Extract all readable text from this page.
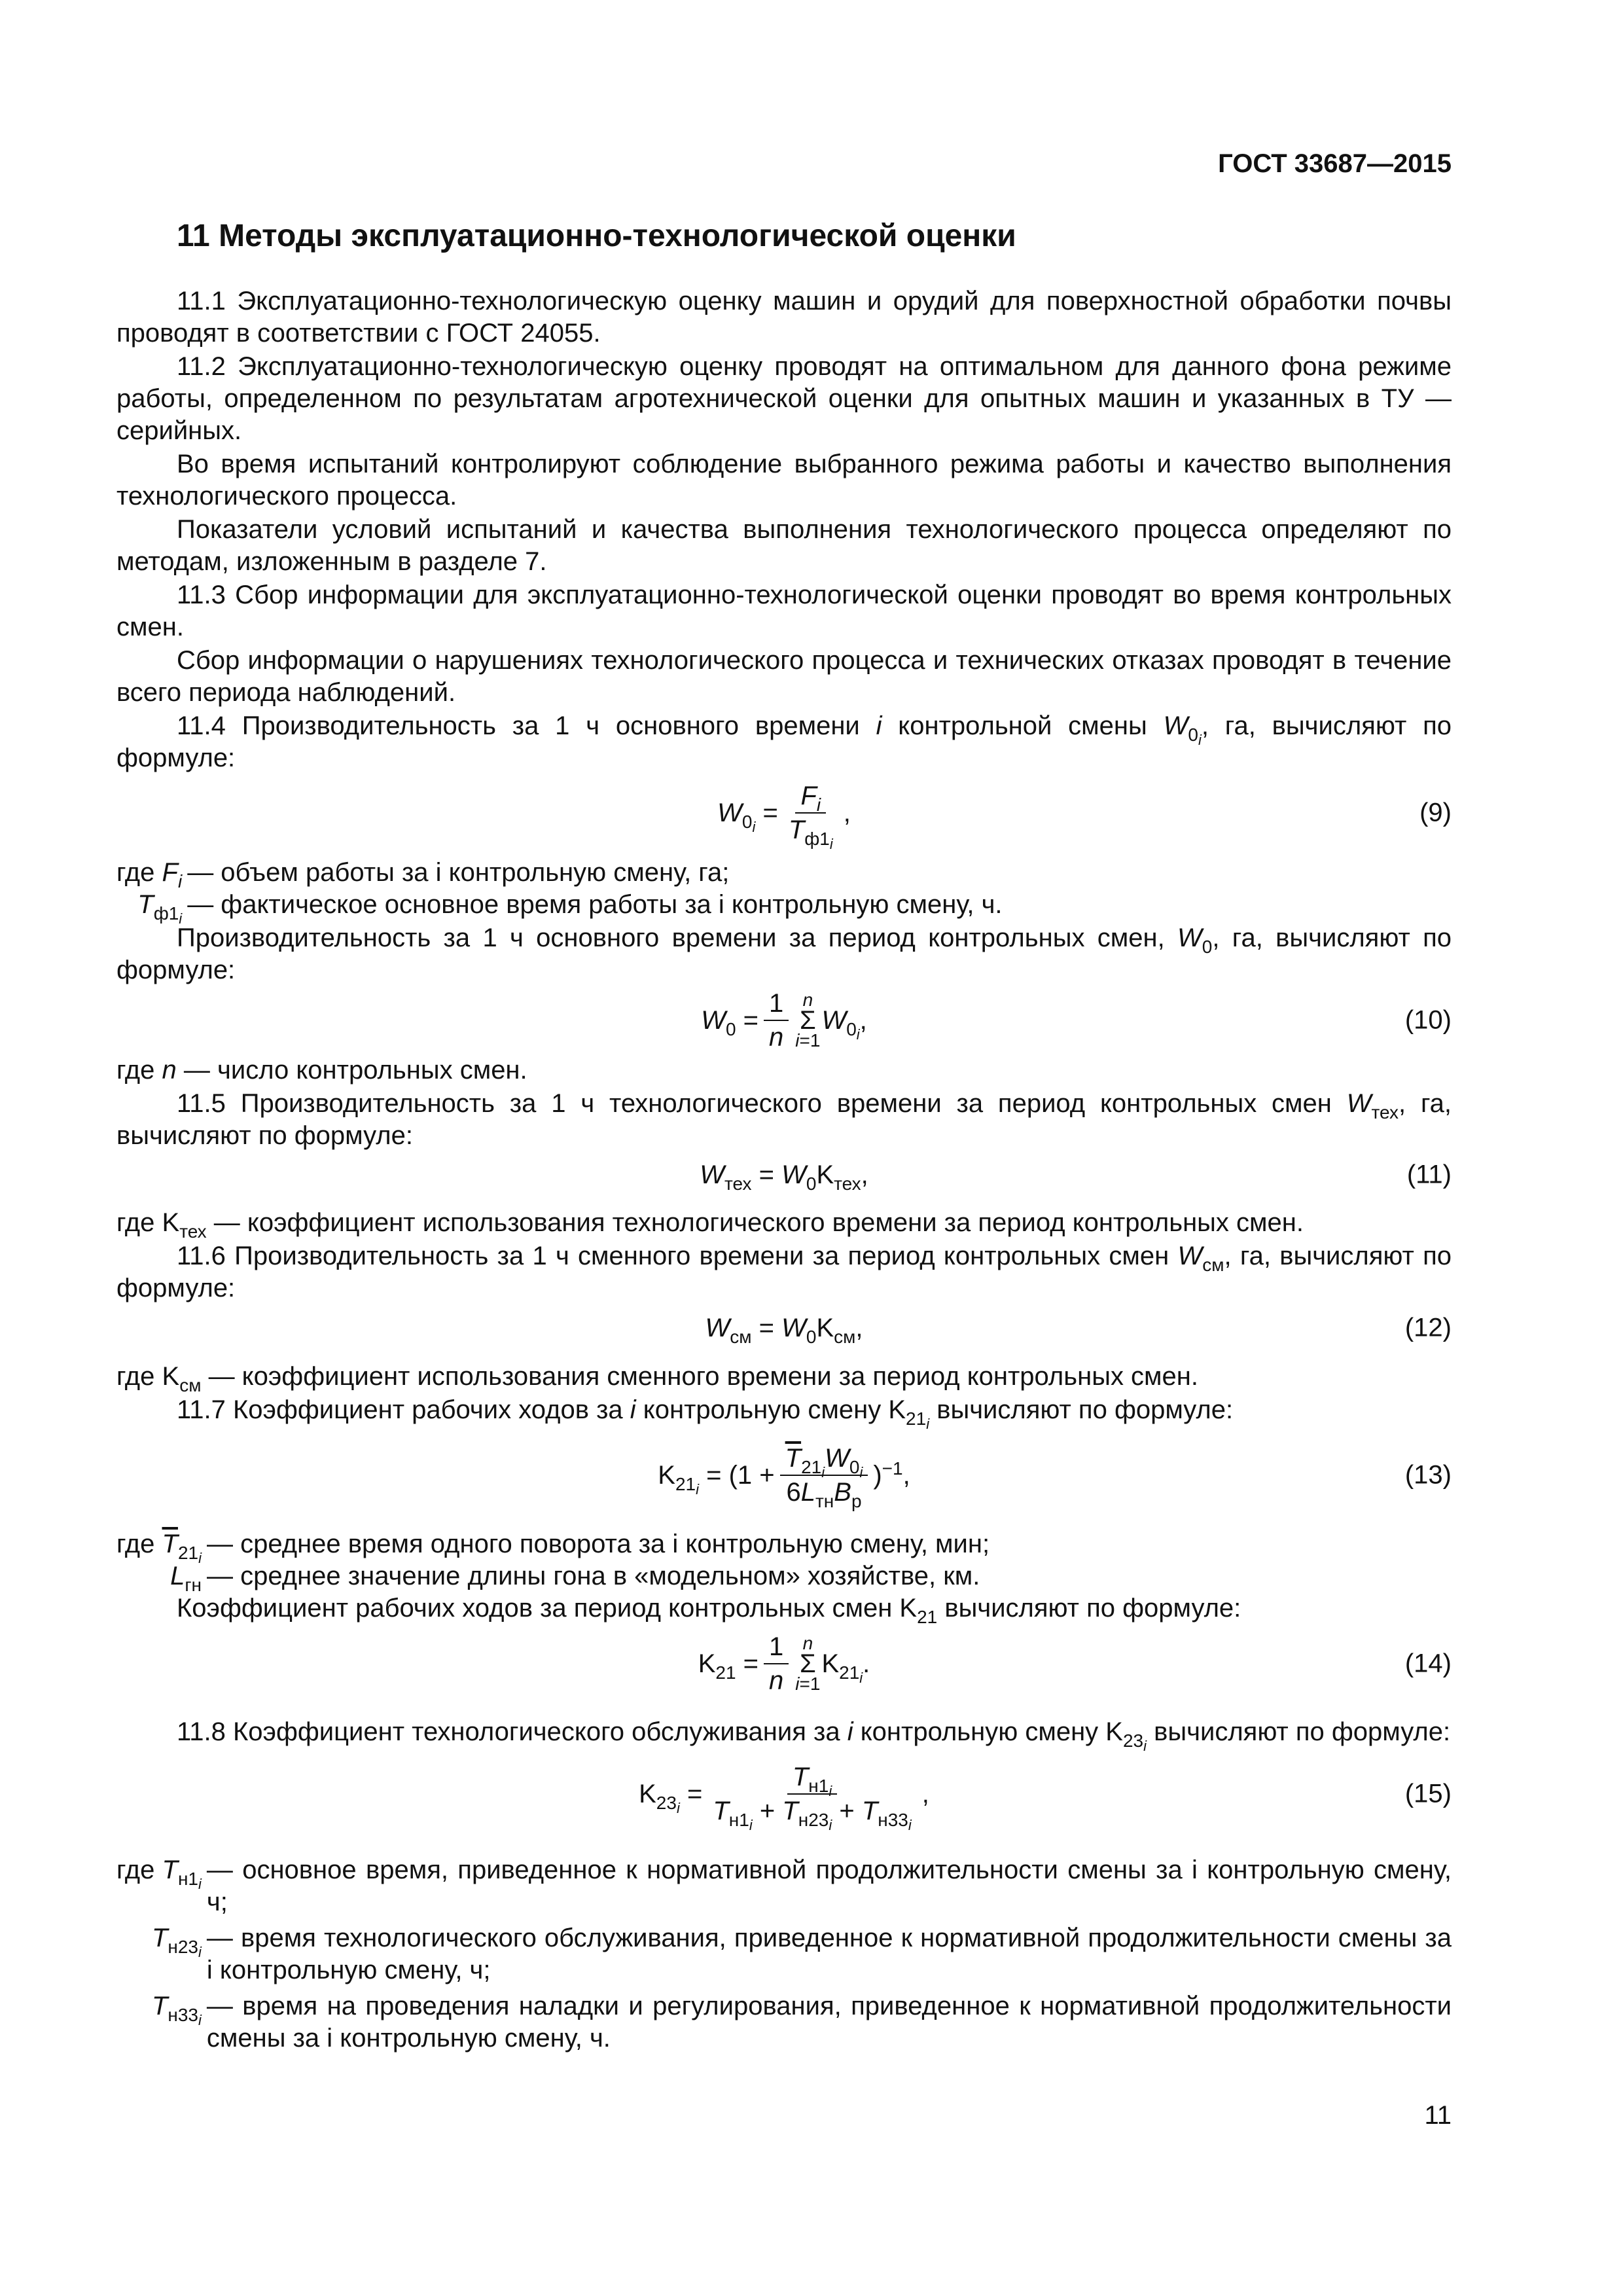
ГОСТ 33687—2015
11 Методы эксплуатационно-технологической оценки

11.1 Эксплуатационно-технологическую оценку машин и орудий для поверхностной обработки почвы проводят в соответствии с ГОСТ 24055.

11.2 Эксплуатационно-технологическую оценку проводят на оптимальном для данного фона режиме работы, определенном по результатам агротехнической оценки для опытных машин и указанных в ТУ — серийных.

Во время испытаний контролируют соблюдение выбранного режима работы и качество выполнения технологического процесса.

Показатели условий испытаний и качества выполнения технологического процесса определяют по методам, изложенным в разделе 7.

11.3 Сбор информации для эксплуатационно-технологической оценки проводят во время контрольных смен.

Сбор информации о нарушениях технологического процесса и технических отказах проводят в течение всего периода наблюдений.

11.4 Производительность за 1 ч основного времени i контрольной смены $W_{0_i}$, га, вычисляют по формуле:

$W_{0_i} = \frac{F_i}{T_{ф1_i}}$ ,	(9)
где $F_i$ — объем работы за i контрольную смену, га;
$T_{ф1_i}$ — фактическое основное время работы за i контрольную смену, ч.

Производительность за 1 ч основного времени за период контрольных смен, $W_0$, га, вычисляют по формуле:

$W_0 = \frac{1}{n}$ n
Σ
i=1
$W_{0_i}$,	(10)

где n — число контрольных смен.

11.5 Производительность за 1 ч технологического времени за период контрольных смен $W_{тех}$, га, вычисляют по формуле:

$W_{тех} = W_0K_{тех}$,	(11)

где $K_{тех}$ — коэффициент использования технологического времени за период контрольных смен.

11.6 Производительность за 1 ч сменного времени за период контрольных смен $W_{см}$, га, вычисляют по формуле:

$W_{см} = W_0K_{см}$,	(12)

где $K_{см}$ — коэффициент использования сменного времени за период контрольных смен.

11.7 Коэффициент рабочих ходов за i контрольную смену $K_{21_i}$ вычисляют по формуле:

$K_{21_i} = (1 + \frac{\overline{T}_{21_i}W_{0_i}}{6L_{тн}B_р} )^{-1}$,	(13)
где $\overline{T}_{21_i}$ — среднее время одного поворота за i контрольную смену, мин;
$L_{гн}$ — среднее значение длины гона в «модельном» хозяйстве, км.

Коэффициент рабочих ходов за период контрольных смен $K_{21}$ вычисляют по формуле:

$K_{21} = \frac{1}{n}$ n
Σ
i=1
$K_{21_i}$.	(14)

11.8 Коэффициент технологического обслуживания за i контрольную смену $K_{23_i}$ вычисляют по формуле:

$K_{23_i} = \frac{T_{н1_i}}{T_{н1_i} + T_{н23_i} + T_{н33_i}}$ ,	(15)
где $T_{н1_i}$ — основное время, приведенное к нормативной продолжительности смены за i контрольную смену, ч;
$T_{н23_i}$ — время технологического обслуживания, приведенное к нормативной продолжительности смены за i контрольную смену, ч;
$T_{н33_i}$ — время на проведения наладки и регулирования, приведенное к нормативной продолжительности смены за i контрольную смену, ч.
11
